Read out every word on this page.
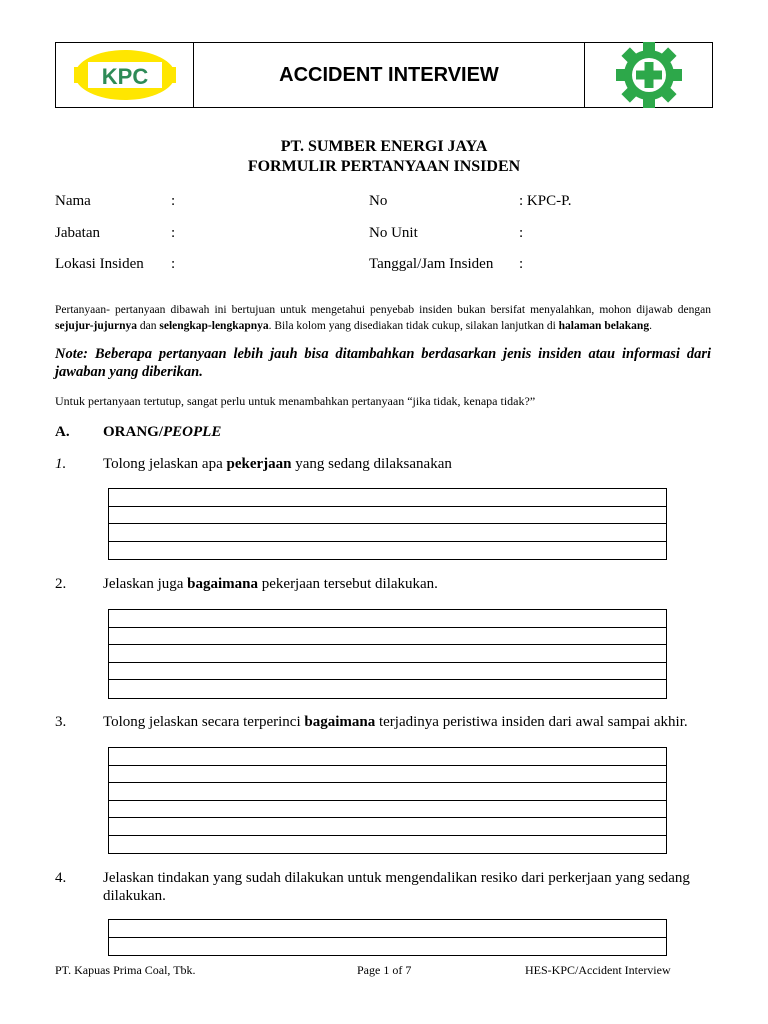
KPC	ACCIDENT INTERVIEW
PT. SUMBER ENERGI JAYA
FORMULIR PERTANYAAN INSIDEN
Nama	:	No	: KPC-P.
Jabatan	:	No Unit	:
Lokasi Insiden :	Tanggal/Jam Insiden :
Pertanyaan- pertanyaan dibawah ini bertujuan untuk mengetahui penyebab insiden bukan bersifat menyalahkan, mohon dijawab dengan sejujur-jujurnya dan selengkap-lengkapnya. Bila kolom yang disediakan tidak cukup, silakan lanjutkan di halaman belakang.
Note: Beberapa pertanyaan lebih jauh bisa ditambahkan berdasarkan jenis insiden atau informasi dari jawaban yang diberikan.
Untuk pertanyaan tertutup, sangat perlu untuk menambahkan pertanyaan “jika tidak, kenapa tidak?”
A. ORANG/PEOPLE
1. Tolong jelaskan apa pekerjaan yang sedang dilaksanakan
2. Jelaskan juga bagaimana pekerjaan tersebut dilakukan.
3. Tolong jelaskan secara terperinci bagaimana terjadinya peristiwa insiden dari awal sampai akhir.
4. Jelaskan tindakan yang sudah dilakukan untuk mengendalikan resiko dari perkerjaan yang sedang dilakukan.
PT. Kapuas Prima Coal, Tbk.	Page 1 of 7	HES-KPC/Accident Interview
